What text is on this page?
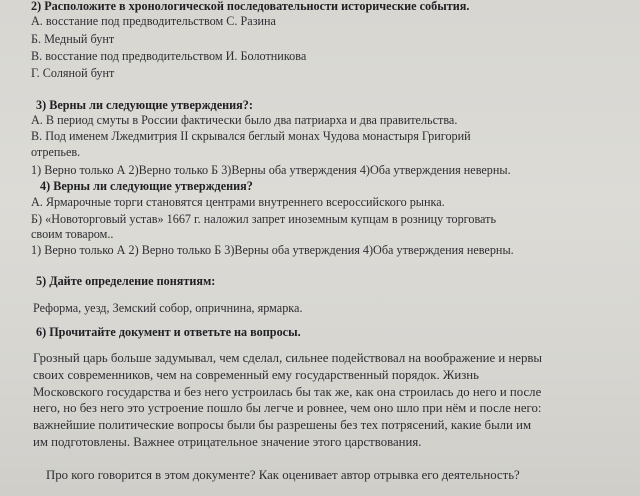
2) Расположите в хронологической последовательности исторические события.
А. восстание под предводительством С. Разина
Б. Медный бунт
В. восстание под предводительством И. Болотникова
Г. Соляной бунт
3) Верны ли следующие утверждения?:
А. В период смуты в России фактически было два патриарха и два правительства.
В. Под именем Лжедмитрия II скрывался беглый монах Чудова монастыря Григорий
отрепьев.
1) Верно только А 2)Верно только Б 3)Верны оба утверждения 4)Оба утверждения неверны.
4) Верны ли следующие утверждения?
А. Ярмарочные торги становятся центрами внутреннего всероссийского рынка.
Б) «Новоторговый устав» 1667 г. наложил запрет иноземным купцам в розницу торговать
своим товаром..
1) Верно только А 2) Верно только Б 3)Верны оба утверждения 4)Оба утверждения неверны.
5) Дайте определение понятиям:
Реформа, уезд, Земский собор, опричнина, ярмарка.
6) Прочитайте документ и ответьте на вопросы.
Грозный царь больше задумывал, чем сделал, сильнее подействовал на воображение и нервы
своих современников, чем на современный ему государственный порядок. Жизнь
Московского государства и без него устроилась бы так же, как она строилась до него и после
него, но без него это устроение пошло бы легче и ровнее, чем оно шло при нём и после него:
важнейшие политические вопросы были бы разрешены без тех потрясений, какие были им
им подготовлены. Важнее отрицательное значение этого царствования.
Про кого говорится в этом документе? Как оценивает автор отрывка его деятельность?
